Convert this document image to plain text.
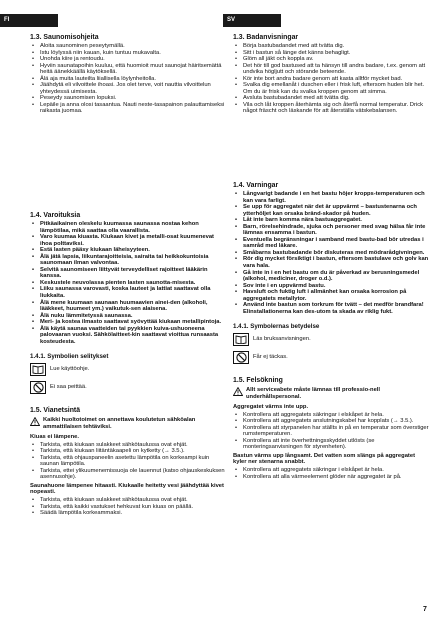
FI	SV
1.3. Saunomisohjeita
• Aloita saunominen peseytymällä.
• Istu löylyssä niin kauan, kuin tuntuu mukavalta.
• Unohda kiire ja rentoudu.
• Hyviin saunatapoihin kuuluu, että huomioit muut saunojat häiritsemättä heitä äänekkäällä käytöksellä.
• Älä aja muita lauteilta liiallisella löylynheitolla.
• Jäähdytä eli vilvoittele ihoasi. Jos olet terve, voit nauttia vilvoittelun yhteydessä uimisesta.
• Peseydy saunomisen lopuksi.
• Lepäile ja anna olosi tasaantua. Nauti neste-tasapainon palauttamiseksi raikasta juomaa.
1.4. Varoituksia
• Pitkäaikainen oleskelu kuumassa saunassa nostaa kehon lämpötilaa, mikä saattaa olla vaarallista.
• Varo kuumaa kiuasta. Kiukaan kivet ja metalli-osat kuumenevat ihoa polttaviksi.
• Estä lasten pääsy kiukaan läheisyyteen.
• Älä jätä lapsia, liikuntarajoitteisia, sairaita tai heikkokuntoisia saunomaan ilman valvontaa.
• Selvitä saunomiseen liittyvät terveydelliset rajoitteet lääkärin kanssa.
• Keskustele neuvolassa pienten lasten saunotta-misesta.
• Liiku saunassa varovasti, koska lauteet ja lattiat saattavat olla liukkaita.
• Älä mene kuumaan saunaan huumaavien ainei-den (alkoholi, lääkkeet, huumeet ym.) vaikutuk-sen alaisena.
• Älä nuku lämmitetyssä saunassa.
• Meri- ja kostea ilmasto saattavat syövyttää kiukaan metallipintoja.
• Älä käytä saunaa vaatteiden tai pyykkien kuiva-ushuoneena palovaaran vuoksi. Sähkölaitteet-kin saattavat vioittua runsaasta kosteudesta.
1.4.1. Symbolien selitykset
Lue käyttöohje.
Ei saa peittää.
1.5. Vianetsintä
Kaikki huoltotoimet on annettava koulutetun sähköalan ammattilaisen tehtäviksi.
Kiuas ei lämpene.
• Tarkista, että kiukaan sulakkeet sähkötaulussa ovat ehjät.
• Tarkista, että kiukaan liitäntäkaapeli on kytketty (→ 3.5.).
• Tarkista, että ohjauspaneelin asetettu lämpötila on korkeampi kuin saunan lämpötila.
• Tarkista, ettei ylikuumenemissuoja ole lauennut (katso ohjauskeskuksen asennusohje).
Saunahuone lämpenee hitaasti. Kiukaalle heitetty vesi jäähdyttää kivet nopeasti.
• Tarkista, että kiukaan sulakkeet sähkötaulussa ovat ehjät.
• Tarkista, että kaikki vastukset hehkuvat kun kiuas on päällä.
• Säädä lämpötila korkeammaksi.
1.3. Badanvisningar
• Börja bastubadandet med att tvätta dig.
• Sitt i bastun så länge det känns behagligt.
• Glöm all jäkt och koppla av.
• Det hör till god bastused att ta hänsyn till andra badare, t.ex. genom att undvika högljutt och störande beteende.
• Kör inte bort andra badare genom att kasta alltför mycket bad.
• Svalka dig emellanåt i duschen eller i frisk luft, eftersom huden blir het. Om du är frisk kan du svalka kroppen genom att simma.
• Avsluta bastubadandet med att tvätta dig.
• Vila och låt kroppen återhämta sig och återfå normal temperatur. Drick något fräscht och läskande för att återställa vätskebalansen.
1.4. Varningar
• Långvarigt badande i en het bastu höjer kropps-temperaturen och kan vara farligt.
• Se upp för aggregatet när det är uppvärmt – bastustenarna och ytterhöljet kan orsaka bränd-skador på huden.
• Låt inte barn komma nära bastuaggregatet.
• Barn, rörelsehindrade, sjuka och personer med svag hälsa får inte lämnas ensamma i bastun.
• Eventuella begränsningar i samband med bastu-bad bör utredas i samråd med läkare.
• Småbarns bastubadande bör diskuteras med mödrarådgivningen.
• Rör dig mycket försiktigt i bastun, eftersom bastulave och golv kan vara hala.
• Gå inte in i en het bastu om du är påverkad av berusningsmedel (alkohol, mediciner, droger o.d.).
• Sov inte i en uppvärmd bastu.
• Havsluft och fuktig luft i allmänhet kan orsaka korrosion på aggregatets metallytor.
• Använd inte bastun som torkrum för tvätt – det medför brandfara! Elinstallationerna kan des-utom ta skada av riklig fukt.
1.4.1. Symbolernas betydelse
Läs bruksanvisningen.
Får ej täckas.
1.5. Felsökning
Allt serviceabete måste lämnas till professio-nell underhållspersonal.
Aggregatet värms inte upp.
• Kontrollera att aggregatets säkringar i elskåpet är hela.
• Kontrollera att aggregatets anslutningskabel har kopplats (→ 3.5.).
• Kontrollera att styrpanelen har ställts in på en temperatur som överstiger rumstemperaturen.
• Kontrollera att inte överhettningsskyddet utlösts (se monteringsanvisningen för styrenheten).
Bastun värms upp långsamt. Det vatten som slängs på aggregatet kyler ner stenarna snabbt.
• Kontrollera att aggregatets säkringar i elskåpet är hela.
• Kontrollera att alla värmeelement glöder när aggregatet är på.
7
